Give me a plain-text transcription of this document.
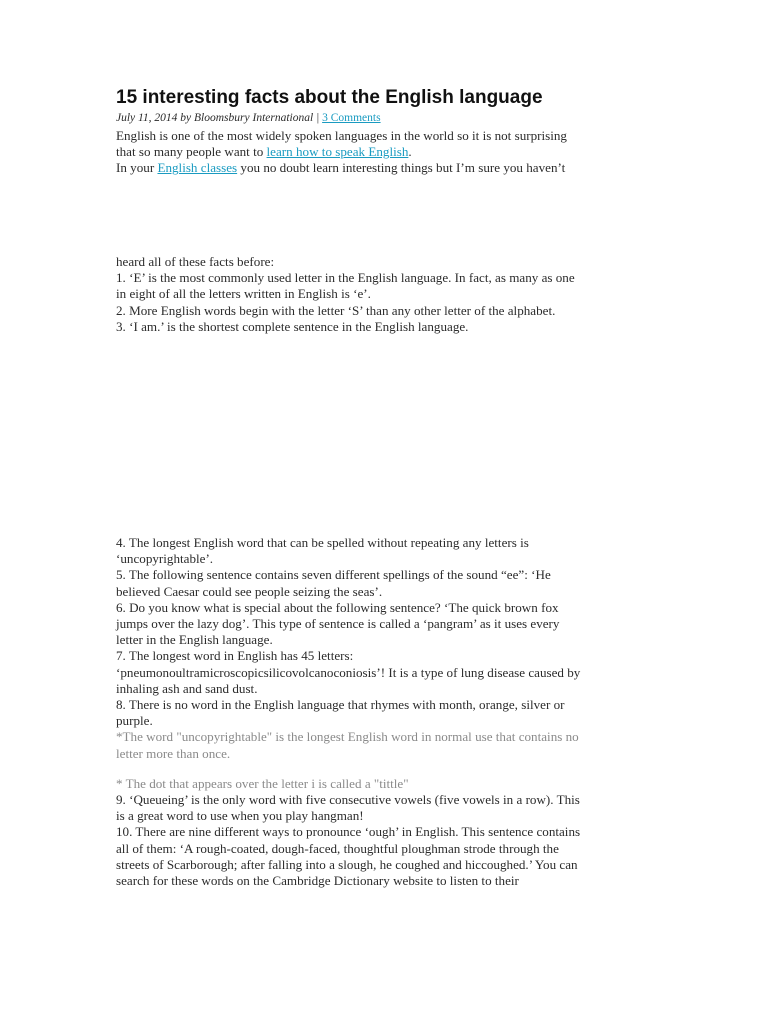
15 interesting facts about the English language
July 11, 2014 by Bloomsbury International | 3 Comments

English is one of the most widely spoken languages in the world so it is not surprising

that so many people want to learn how to speak English.

In your English classes you no doubt learn interesting things but I’m sure you haven’t

heard all of these facts before:

1. ‘E’ is the most commonly used letter in the English language. In fact, as many as one

in eight of all the letters written in English is ‘e’.

2. More English words begin with the letter ‘S’ than any other letter of the alphabet.

3. ‘I am.’ is the shortest complete sentence in the English language.

4. The longest English word that can be spelled without repeating any letters is

‘uncopyrightable’.

5. The following sentence contains seven different spellings of the sound “ee”: ‘He

believed Caesar could see people seizing the seas’.

6. Do you know what is special about the following sentence? ‘The quick brown fox

jumps over the lazy dog’. This type of sentence is called a ‘pangram’ as it uses every

letter in the English language.

7. The longest word in English has 45 letters:

‘pneumonoultramicroscopicsilicovolcanoconiosis’! It is a type of lung disease caused by

inhaling ash and sand dust.

8. There is no word in the English language that rhymes with month, orange, silver or

purple.

*The word "uncopyrightable" is the longest English word in normal use that contains no

letter more than once.

* The dot that appears over the letter i is called a "tittle"

9. ‘Queueing’ is the only word with five consecutive vowels (five vowels in a row). This

is a great word to use when you play hangman!

10. There are nine different ways to pronounce ‘ough’ in English. This sentence contains

all of them: ‘A rough-coated, dough-faced, thoughtful ploughman strode through the

streets of Scarborough; after falling into a slough, he coughed and hiccoughed.’ You can

search for these words on the Cambridge Dictionary website to listen to their
